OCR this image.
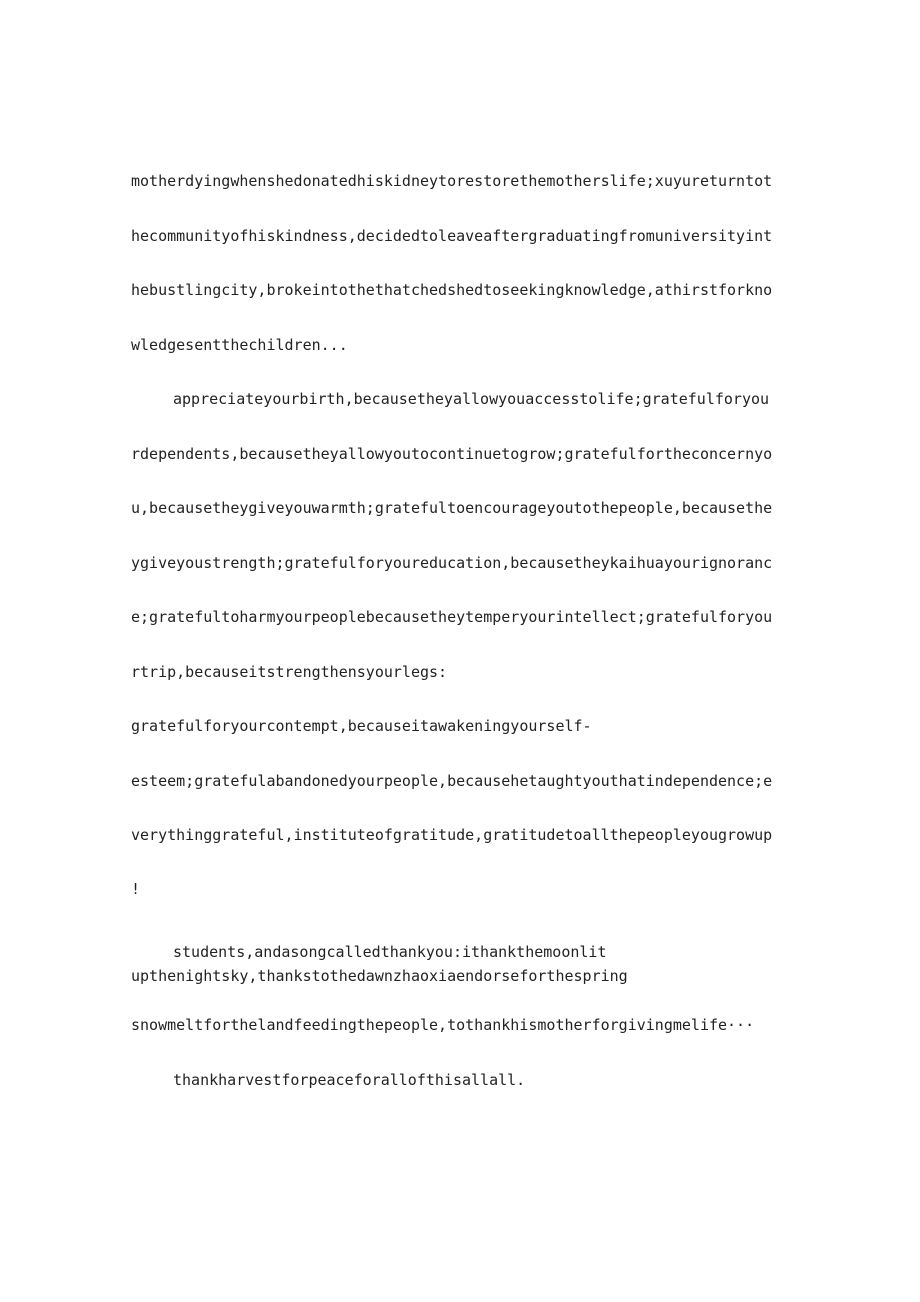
motherdyingwhenshedonatedhiskidneytorestorethemotherslife;xuyureturntot
hecommunityofhiskindness,decidedtoleaveaftergraduatingfromuniversityint
hebustlingcity,brokeintothethatchedshedtoseekingknowledge,athirstforkno
wledgesentthechildren...
appreciateyourbirth,becausetheyallowyouaccesstolife;gratefulforyou
rdependents,becausetheyallowyoutocontinuetogrow;gratefulfortheconcernyo
u,becausetheygiveyouwarmth;gratefultoencourageyoutothepeople,becausethe
ygiveyoustrength;gratefulforyoureducation,becausetheykaihuayourignoranc
e;gratefultoharmyourpeoplebecausetheytemperyourintellect;gratefulforyou
rtrip,becauseitstrengthensyourlegs:
gratefulforyourcontempt,becauseitawakeningyourself-
esteem;gratefulabandonedyourpeople,becausehetaughtyouthatindependence;e
verythinggrateful,instituteofgratitude,gratitudetoallthepeopleyougrowup
!
students,andasongcalledthankyou:ithankthemoonlit
upthenightsky,thankstothedawnzhaoxiaendorseforthespring
snowmeltforthelandfeedingthepeople,tothankhismotherforgivingmelife···
thankharvestforpeaceforallofthisallall.
